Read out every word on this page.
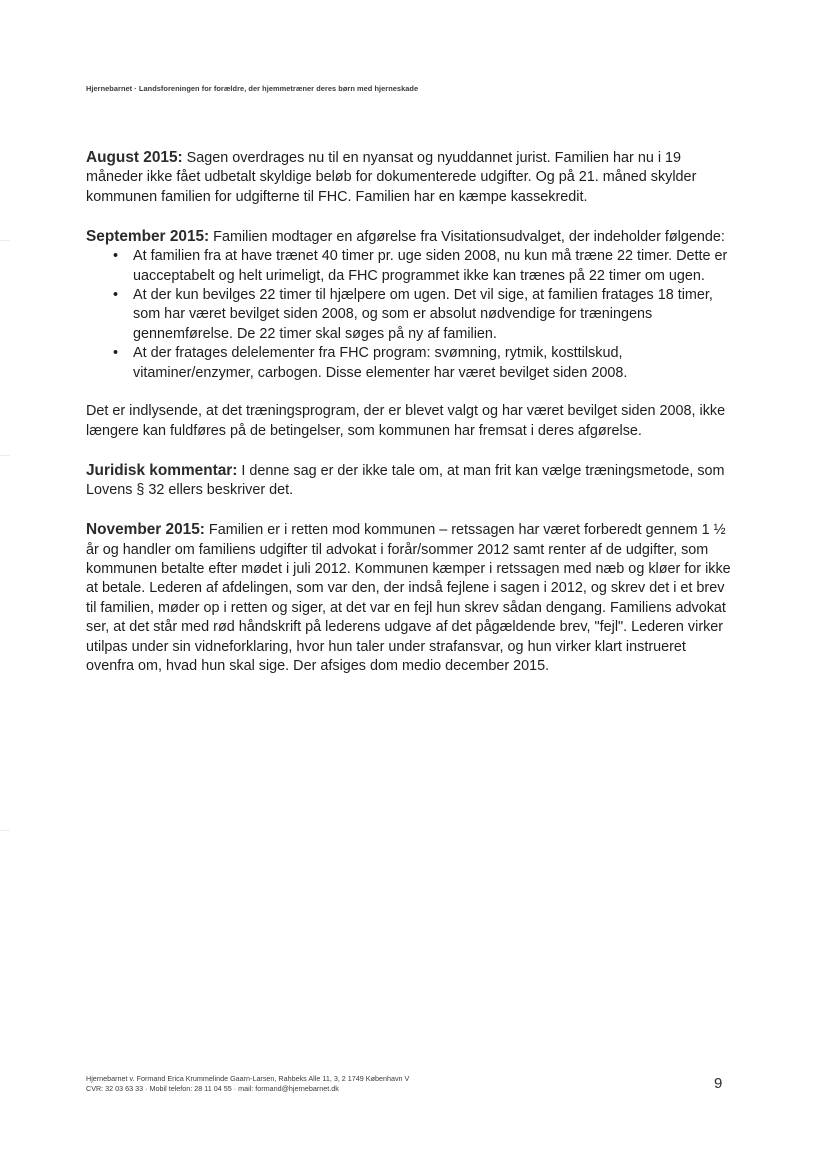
Hjernebarnet · Landsforeningen for forældre, der hjemmetræner deres børn med hjerneskade

August 2015: Sagen overdrages nu til en nyansat og nyuddannet jurist. Familien har nu i 19 måneder ikke fået udbetalt skyldige beløb for dokumenterede udgifter. Og på 21. måned skylder kommunen familien for udgifterne til FHC. Familien har en kæmpe kassekredit.

September 2015: Familien modtager en afgørelse fra Visitationsudvalget, der indeholder følgende:

• At familien fra at have trænet 40 timer pr. uge siden 2008, nu kun må træne 22 timer. Dette er uacceptabelt og helt urimeligt, da FHC programmet ikke kan trænes på 22 timer om ugen.
• At der kun bevilges 22 timer til hjælpere om ugen. Det vil sige, at familien fratages 18 timer, som har været bevilget siden 2008, og som er absolut nødvendige for træningens gennemførelse. De 22 timer skal søges på ny af familien.
• At der fratages delelementer fra FHC program: svømning, rytmik, kosttilskud, vitaminer/enzymer, carbogen. Disse elementer har været bevilget siden 2008.

Det er indlysende, at det træningsprogram, der er blevet valgt og har været bevilget siden 2008, ikke længere kan fuldføres på de betingelser, som kommunen har fremsat i deres afgørelse.

Juridisk kommentar: I denne sag er der ikke tale om, at man frit kan vælge træningsmetode, som Lovens § 32 ellers beskriver det.

November 2015: Familien er i retten mod kommunen – retssagen har været forberedt gennem 1 ½ år og handler om familiens udgifter til advokat i forår/sommer 2012 samt renter af de udgifter, som kommunen betalte efter mødet i juli 2012. Kommunen kæmper i retssagen med næb og kløer for ikke at betale. Lederen af afdelingen, som var den, der indså fejlene i sagen i 2012, og skrev det i et brev til familien, møder op i retten og siger, at det var en fejl hun skrev sådan dengang. Familiens advokat ser, at det står med rød håndskrift på lederens udgave af det pågældende brev, "fejl". Lederen virker utilpas under sin vidneforklaring, hvor hun taler under strafansvar, og hun virker klart instrueret ovenfra om, hvad hun skal sige. Der afsiges dom medio december 2015.

Hjernebarnet v. Formand Erica Krummelinde Gaarn-Larsen, Rahbeks Alle 11, 3, 2 1749 København V
CVR: 32 03 63 33 · Mobil telefon: 28 11 04 55 · mail: formand@hjernebarnet.dk	9
